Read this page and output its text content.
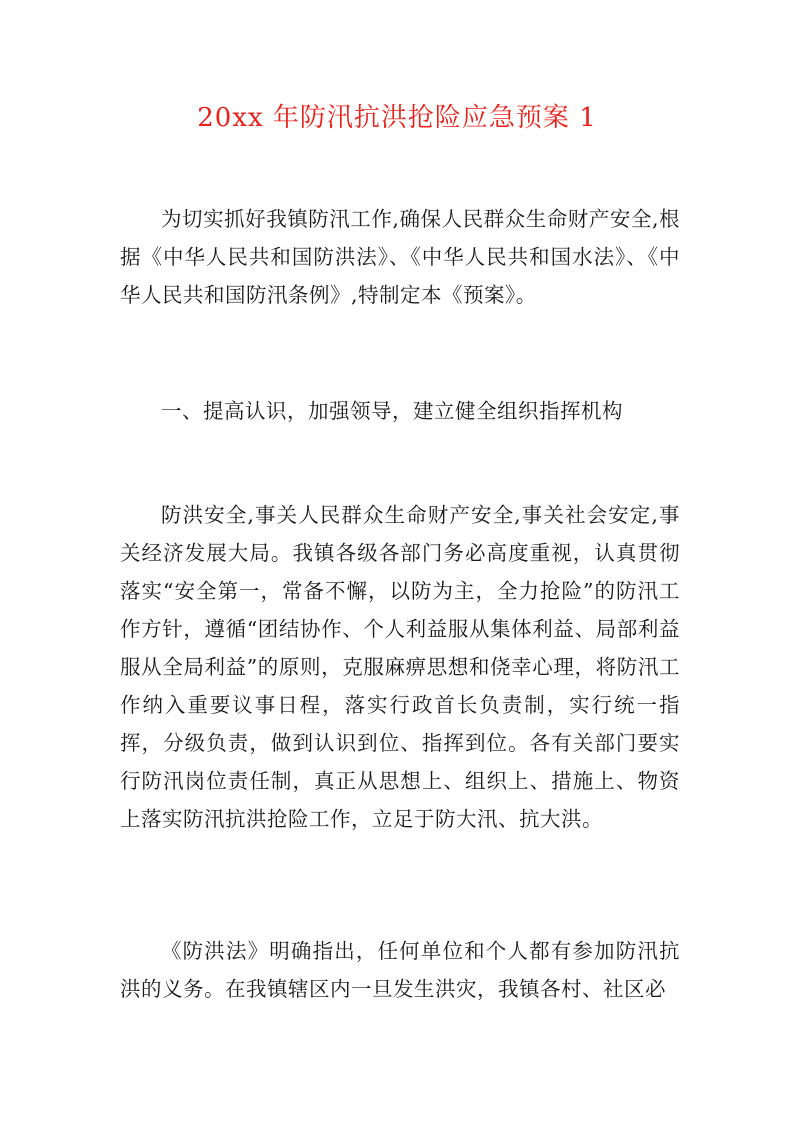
20xx 年防汛抗洪抢险应急预案 1

为切实抓好我镇防汛工作,确保人民群众生命财产安全,根据《中华人民共和国防洪法》、《中华人民共和国水法》、《中华人民共和国防汛条例》,特制定本《预案》。

一、提高认识，加强领导，建立健全组织指挥机构

防洪安全,事关人民群众生命财产安全,事关社会安定,事关经济发展大局。我镇各级各部门务必高度重视，认真贯彻落实“安全第一，常备不懈，以防为主，全力抢险”的防汛工作方针，遵循“团结协作、个人利益服从集体利益、局部利益服从全局利益”的原则，克服麻痹思想和侥幸心理，将防汛工作纳入重要议事日程，落实行政首长负责制，实行统一指挥，分级负责，做到认识到位、指挥到位。各有关部门要实行防汛岗位责任制，真正从思想上、组织上、措施上、物资上落实防汛抗洪抢险工作，立足于防大汛、抗大洪。

《防洪法》明确指出，任何单位和个人都有参加防汛抗洪的义务。在我镇辖区内一旦发生洪灾，我镇各村、社区必
